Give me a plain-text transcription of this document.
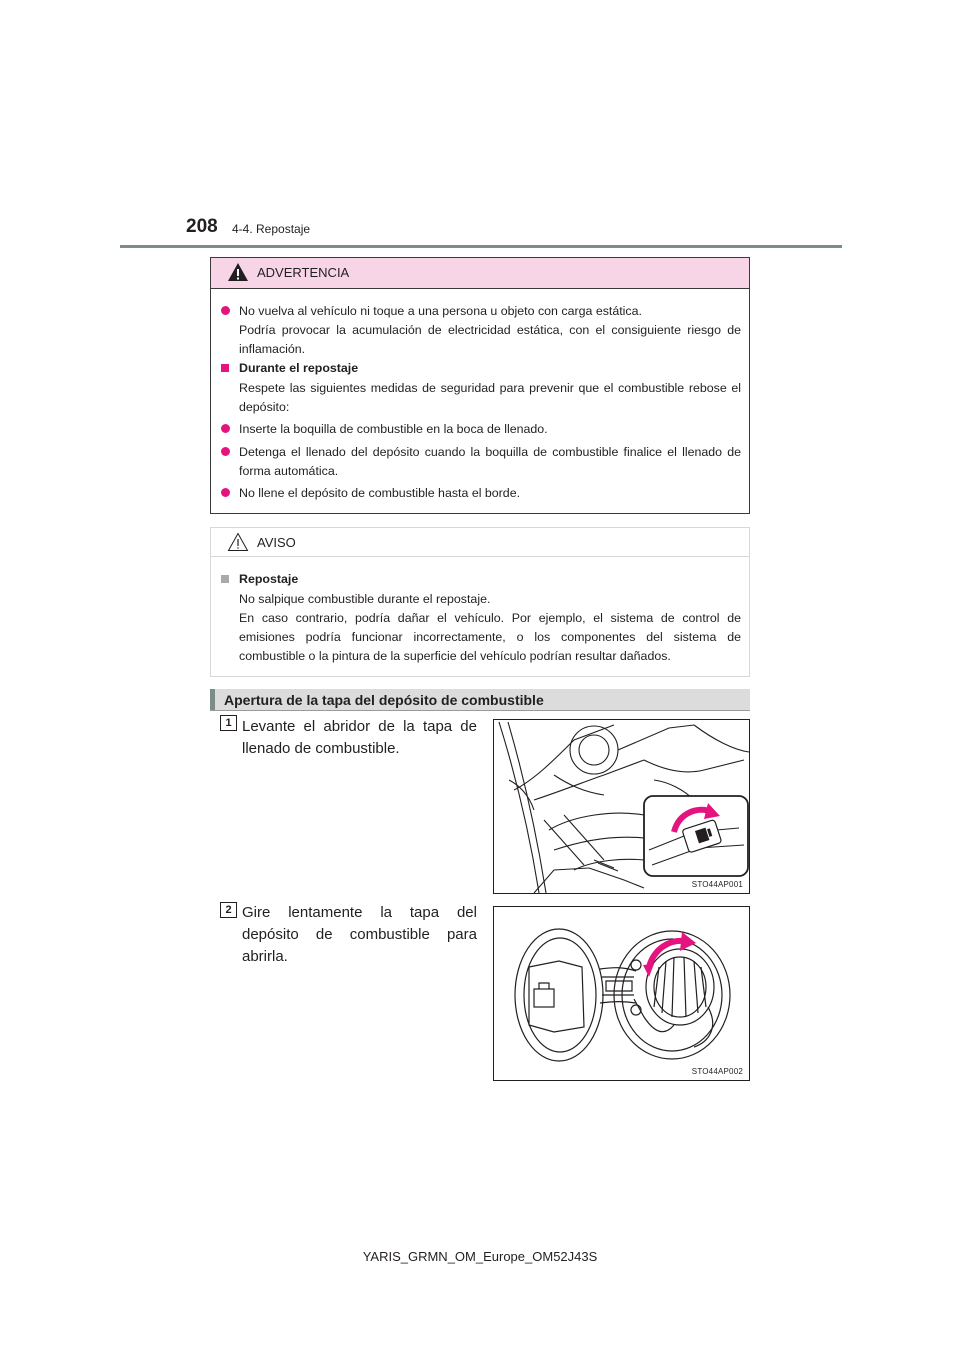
208 4-4. Repostaje
ADVERTENCIA
No vuelva al vehículo ni toque a una persona u objeto con carga estática.
Podría provocar la acumulación de electricidad estática, con el consiguiente riesgo de inflamación.
Durante el repostaje
Respete las siguientes medidas de seguridad para prevenir que el combustible rebose el depósito:
Inserte la boquilla de combustible en la boca de llenado.
Detenga el llenado del depósito cuando la boquilla de combustible finalice el llenado de forma automática.
No llene el depósito de combustible hasta el borde.
AVISO
Repostaje
No salpique combustible durante el repostaje.
En caso contrario, podría dañar el vehículo. Por ejemplo, el sistema de control de emisiones podría funcionar incorrectamente, o los componentes del sistema de combustible o la pintura de la superficie del vehículo podrían resultar dañados.
Apertura de la tapa del depósito de combustible
1 Levante el abridor de la tapa de llenado de combustible.
STO44AP001
2 Gire lentamente la tapa del depósito de combustible para abrirla.
STO44AP002
YARIS_GRMN_OM_Europe_OM52J43S
